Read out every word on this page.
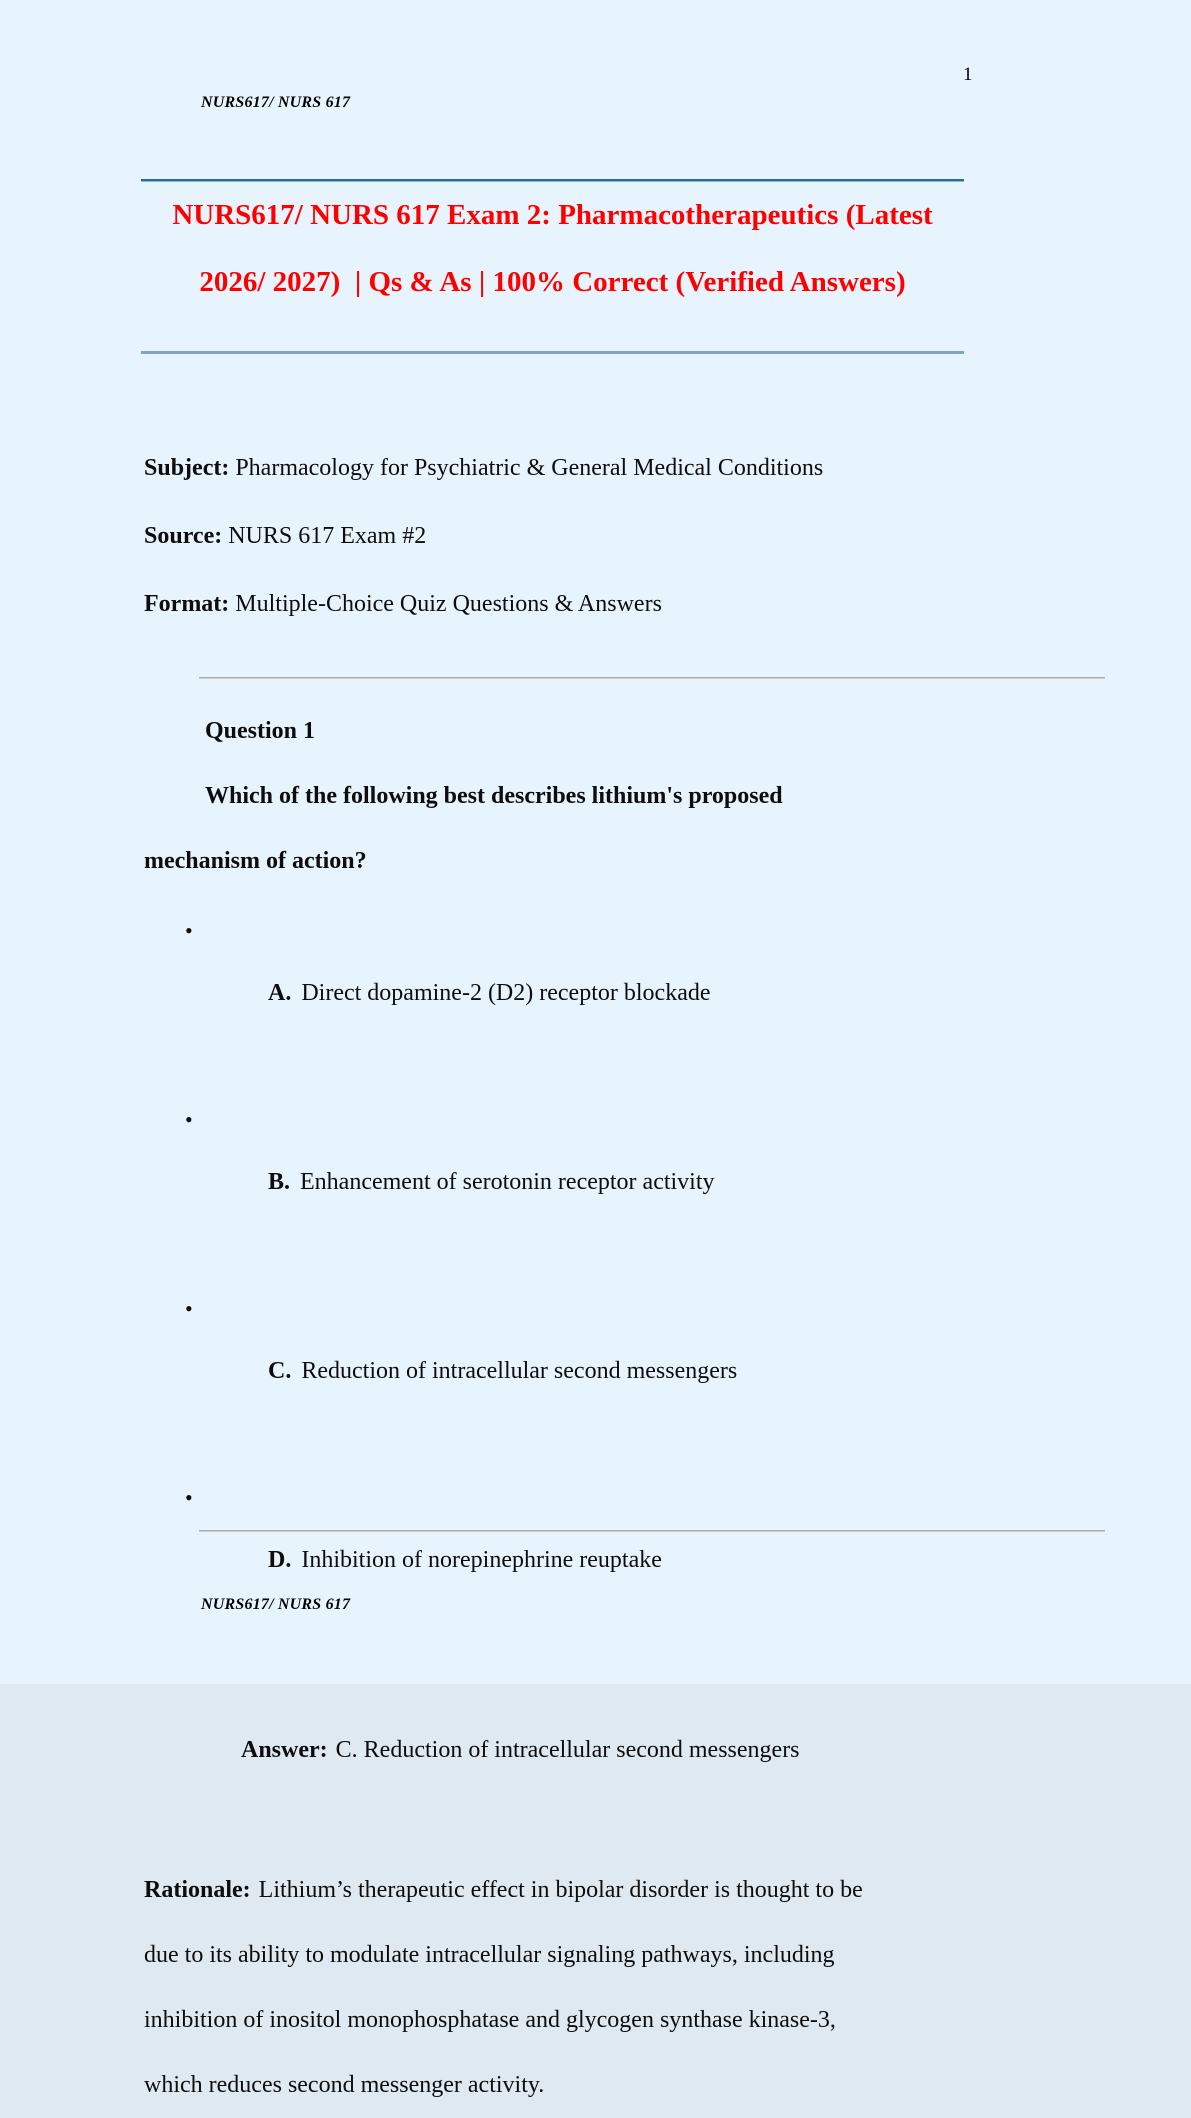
1
NURS617/ NURS 617
NURS617/ NURS 617 Exam 2: Pharmacotherapeutics (Latest
2026/ 2027)  | Qs & As | 100% Correct (Verified Answers)
Subject: Pharmacology for Psychiatric & General Medical Conditions
Source: NURS 617 Exam #2
Format: Multiple-Choice Quiz Questions & Answers
Question 1
Which of the following best describes lithium's proposed
mechanism of action?

•
A. Direct dopamine-2 (D2) receptor blockade

•
B. Enhancement of serotonin receptor activity

•
C. Reduction of intracellular second messengers

•
D. Inhibition of norepinephrine reuptake

Answer: C. Reduction of intracellular second messengers

Rationale: Lithium’s therapeutic effect in bipolar disorder is thought to be
due to its ability to modulate intracellular signaling pathways, including
inhibition of inositol monophosphatase and glycogen synthase kinase-3,
which reduces second messenger activity.
NURS617/ NURS 617
